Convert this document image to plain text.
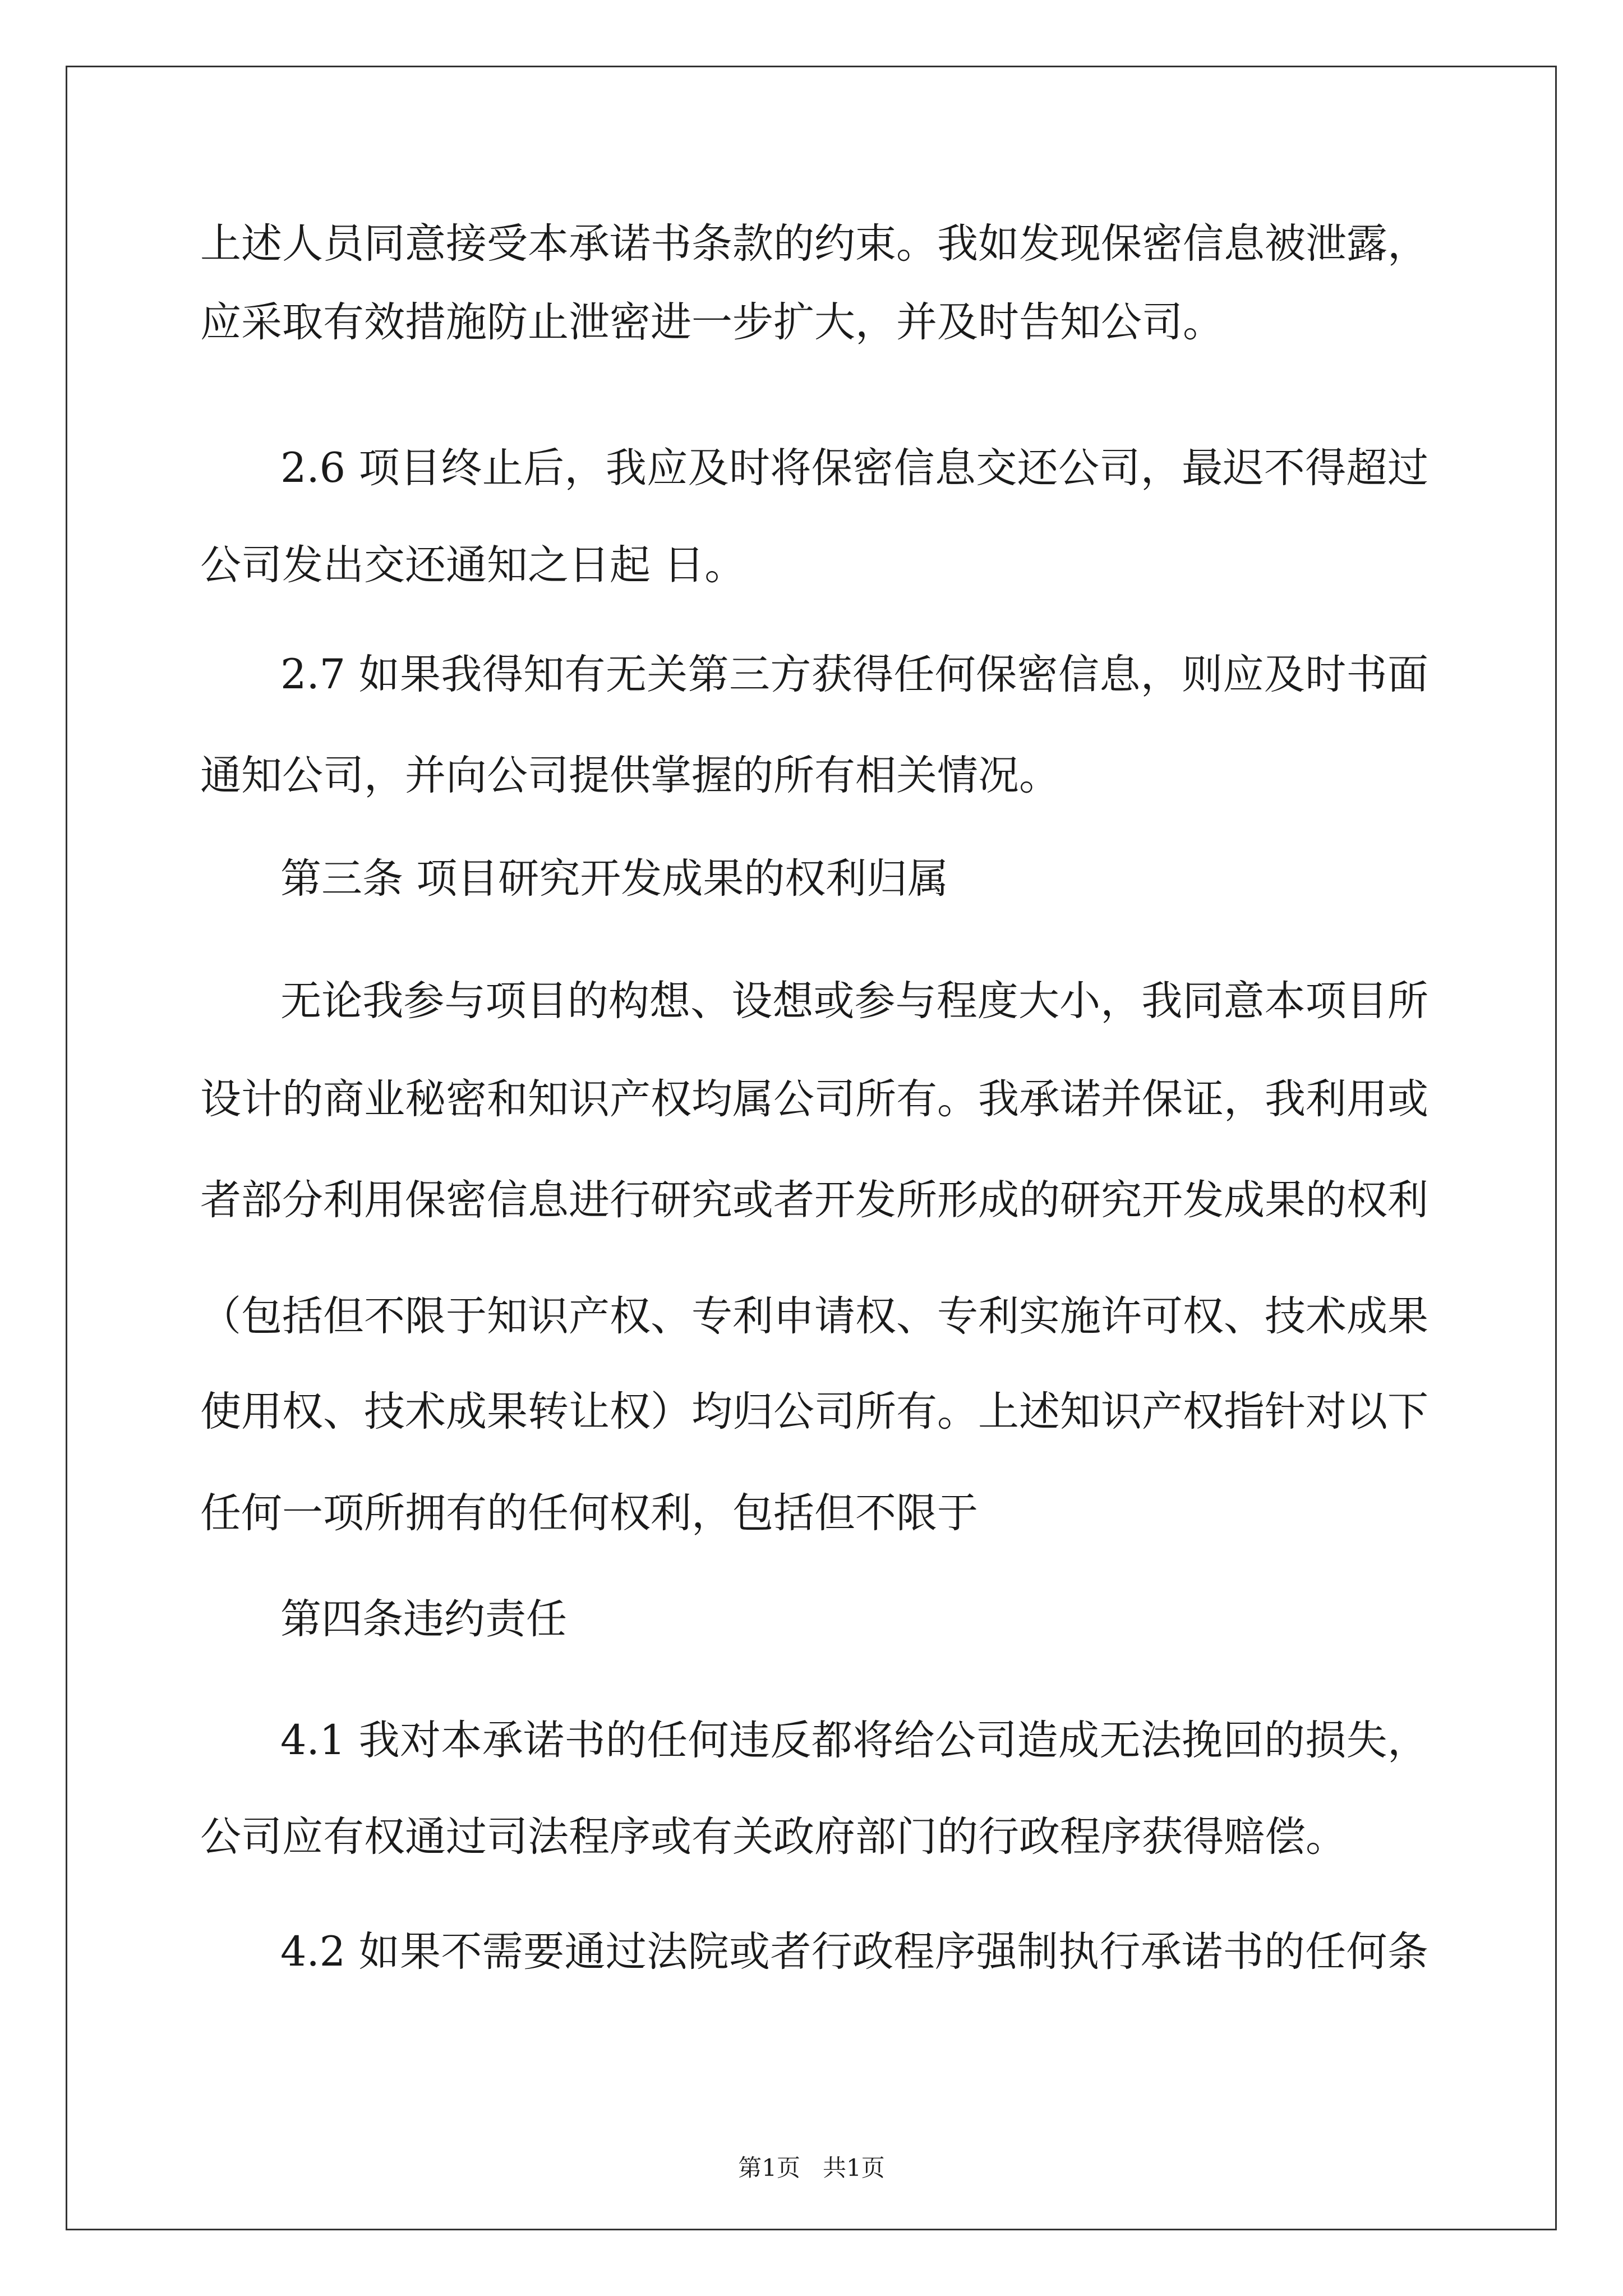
上述人员同意接受本承诺书条款的约束。我如发现保密信息被泄露，
应采取有效措施防止泄密进一步扩大，并及时告知公司。
2.6 项目终止后，我应及时将保密信息交还公司，最迟不得超过
公司发出交还通知之日起 日。
2.7 如果我得知有无关第三方获得任何保密信息，则应及时书面
通知公司，并向公司提供掌握的所有相关情况。
第三条 项目研究开发成果的权利归属
无论我参与项目的构想、设想或参与程度大小，我同意本项目所
设计的商业秘密和知识产权均属公司所有。我承诺并保证，我利用或
者部分利用保密信息进行研究或者开发所形成的研究开发成果的权利
（包括但不限于知识产权、专利申请权、专利实施许可权、技术成果
使用权、技术成果转让权）均归公司所有。上述知识产权指针对以下
任何一项所拥有的任何权利，包括但不限于
第四条违约责任
4.1 我对本承诺书的任何违反都将给公司造成无法挽回的损失，
公司应有权通过司法程序或有关政府部门的行政程序获得赔偿。
4.2 如果不需要通过法院或者行政程序强制执行承诺书的任何条
第1页   共1页
